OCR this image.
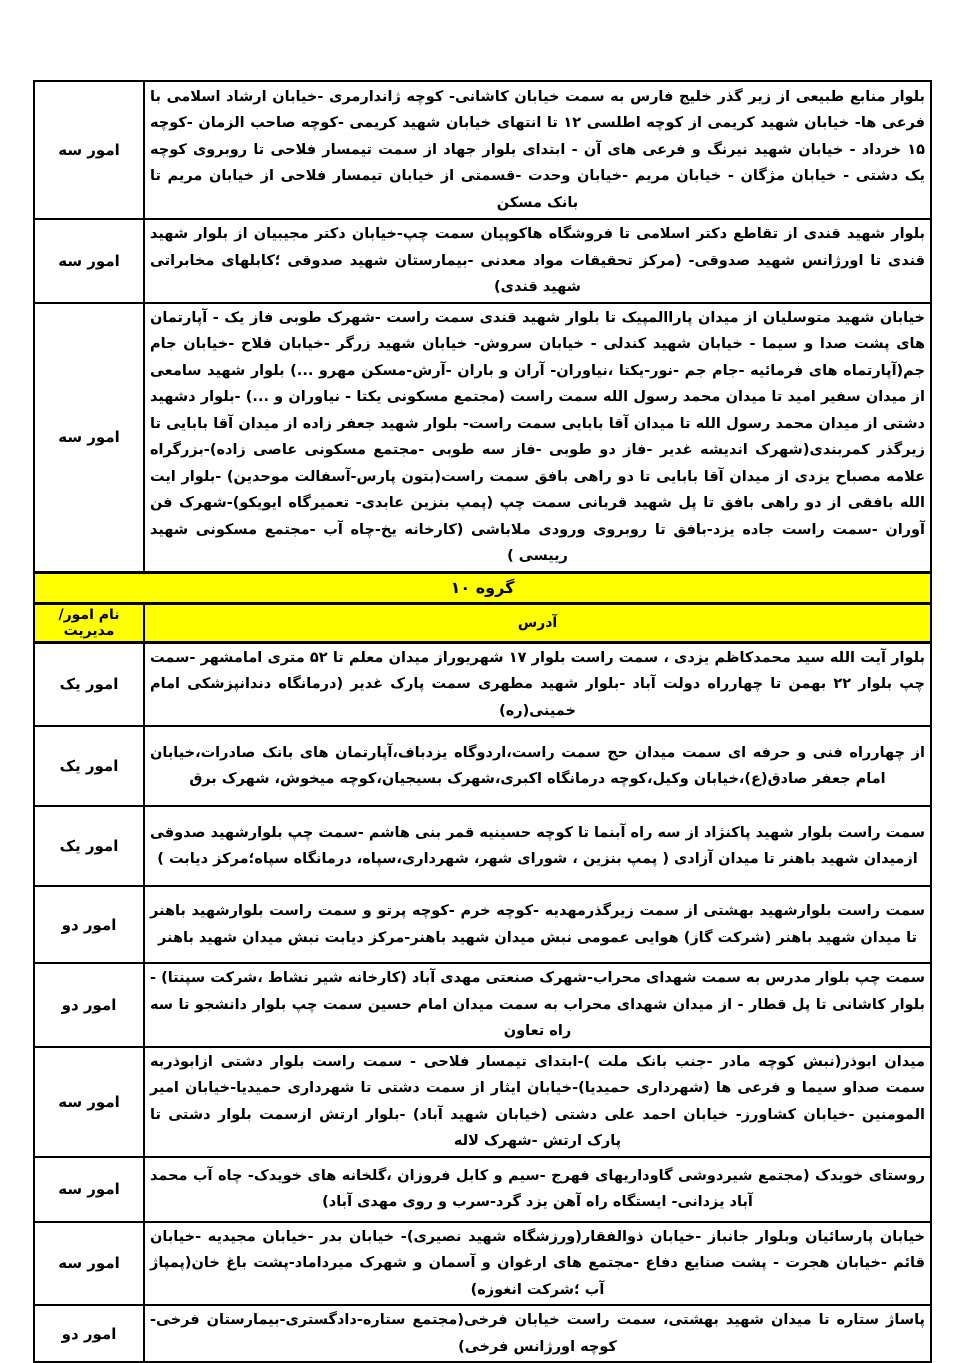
بلوار منابع طبیعی از زیر گذر خلیج فارس به سمت خیابان کاشانی- کوچه ژاندارمری -خیابان ارشاد اسلامی با فرعی ها- خیابان شهید کریمی از کوچه اطلسی ۱۲ تا انتهای خیابان شهید کریمی -کوچه صاحب الزمان -کوچه ۱۵ خرداد - خیابان شهید نیرنگ و فرعی های آن - ابتدای بلوار جهاد از سمت تیمسار فلاحی تا روبروی کوچه یک دشتی - خیابان مژگان - خیابان مریم -خیابان وحدت -قسمتی از خیابان تیمسار فلاحی از خیابان مریم تا بانک مسکن	امور سه
بلوار شهید قندی از تقاطع دکتر اسلامی تا فروشگاه هاکوپیان سمت چپ-خیابان دکتر مجیبیان از بلوار شهید قندی تا اورژانس شهید صدوقی- (مرکز تحقیقات مواد معدنی -بیمارستان شهید صدوقی ؛کابلهای مخابراتی شهید قندی)	امور سه
خیابان شهید متوسلیان از میدان پاراالمپیک تا بلوار شهید قندی سمت راست -شهرک طوبی فاز یک - آپارتمان های پشت صدا و سیما - خیابان شهید کندلی - خیابان سروش- خیابان شهید زرگر -خیابان فلاح -خیابان جام جم(آپارتماه های فرمائیه -جام جم -نور-یکتا ،نیاوران- آران و باران -آرش-مسکن مهرو ...) بلوار شهید سامعی از میدان سفیر امید تا میدان محمد رسول الله سمت راست (مجتمع مسکونی یکتا - نیاوران و ...) -بلوار دشهید دشتی از میدان محمد رسول الله تا میدان آقا بابایی سمت راست- بلوار شهید جعفر زاده از میدان آقا بابایی تا زیرگذر کمربندی(شهرک اندیشه غدیر -فاز دو طوبی -فاز سه طوبی -مجتمع مسکونی عاصی زاده)-بزرگراه علامه مصباح یزدی از میدان آقا بابایی تا دو راهی بافق سمت راست(بتون پارس-آسفالت موحدین) -بلوار ایت الله بافقی از دو راهی بافق تا پل شهید قربانی سمت چپ (پمپ بنزین عابدی- تعمیرگاه ایویکو)-شهرک فن آوران -سمت راست جاده یزد-بافق تا روبروی ورودی ملاباشی (کارخانه یخ-چاه آب -مجتمع مسکونی شهید رییسی )	امور سه
گروه ۱۰	
آدرس	نام امور/مدیریت
بلوار آیت الله سید محمدکاظم یزدی ، سمت راست بلوار ۱۷ شهریوراز میدان معلم تا ۵۲ متری امامشهر -سمت چپ بلوار ۲۲ بهمن تا چهارراه دولت آباد -بلوار شهید مطهری سمت پارک غدیر (درمانگاه دندانپزشکی امام خمینی(ره)	امور یک
از چهارراه فنی و حرفه ای سمت میدان حج سمت راست،اردوگاه یزدباف،آپارتمان های بانک صادرات،خیابان امام جعفر صادق(ع)،خیابان وکیل،کوچه درمانگاه اکبری،شهرک بسیجیان،کوچه میخوش، شهرک برق	امور یک
سمت راست بلوار شهید پاکنژاد از سه راه آبنما تا کوچه حسینیه قمر بنی هاشم -سمت چپ بلوارشهید صدوقی ازمیدان شهید باهنر تا میدان آزادی ( پمپ بنزین ، شورای شهر، شهرداری،سپاه، درمانگاه سپاه؛مرکز دیابت )	امور یک
سمت راست بلوارشهید بهشتی از سمت زیرگذرمهدیه -کوچه خرم -کوچه پرتو و سمت راست بلوارشهید باهنر تا میدان شهید باهنر (شرکت گاز) هوایی عمومی نبش میدان شهید باهنر-مرکز دیابت نبش میدان شهید باهنر	امور دو
سمت چپ بلوار مدرس به سمت شهدای محراب-شهرک صنعتی مهدی آباد (کارخانه شیر نشاط ،شرکت سپنتا) - بلوار کاشانی تا پل قطار - از میدان شهدای محراب به سمت میدان امام حسین سمت چپ بلوار دانشجو تا سه راه تعاون	امور دو
میدان ابوذر(نبش کوچه مادر -جنب بانک ملت )-ابتدای تیمسار فلاحی - سمت راست بلوار دشتی ازابوذربه سمت صداو سیما و فرعی ها (شهرداری حمیدیا)-خیابان ایثار از سمت دشتی تا شهرداری حمیدیا-خیابان امیر المومنین -خیابان کشاورز- خیابان احمد علی دشتی (خیابان شهید آباد) -بلوار ارتش ازسمت بلوار دشتی تا پارک ارتش -شهرک لاله	امور سه
روستای خویدک (مجتمع شیردوشی گاوداریهای فهرج -سیم و کابل فروزان ،گلخانه های خویدک- چاه آب محمد آباد یزدانی- ایستگاه راه آهن یزد گرد-سرب و روی مهدی آباد)	امور سه
خیابان پارسائیان وبلوار جانباز -خیابان ذوالفقار(ورزشگاه شهید نصیری)- خیابان بدر -خیابان مجیدیه -خیابان قائم -خیابان هجرت - پشت صنایع دفاع -مجتمع های ارغوان و آسمان و شهرک میرداماد-پشت باغ خان(پمپاژ آب ؛شرکت انغوزه)	امور سه
پاساژ ستاره تا میدان شهید بهشتی، سمت راست خیابان فرخی(مجتمع ستاره-دادگستری-بیمارستان فرخی-کوچه اورژانس فرخی)	امور دو
